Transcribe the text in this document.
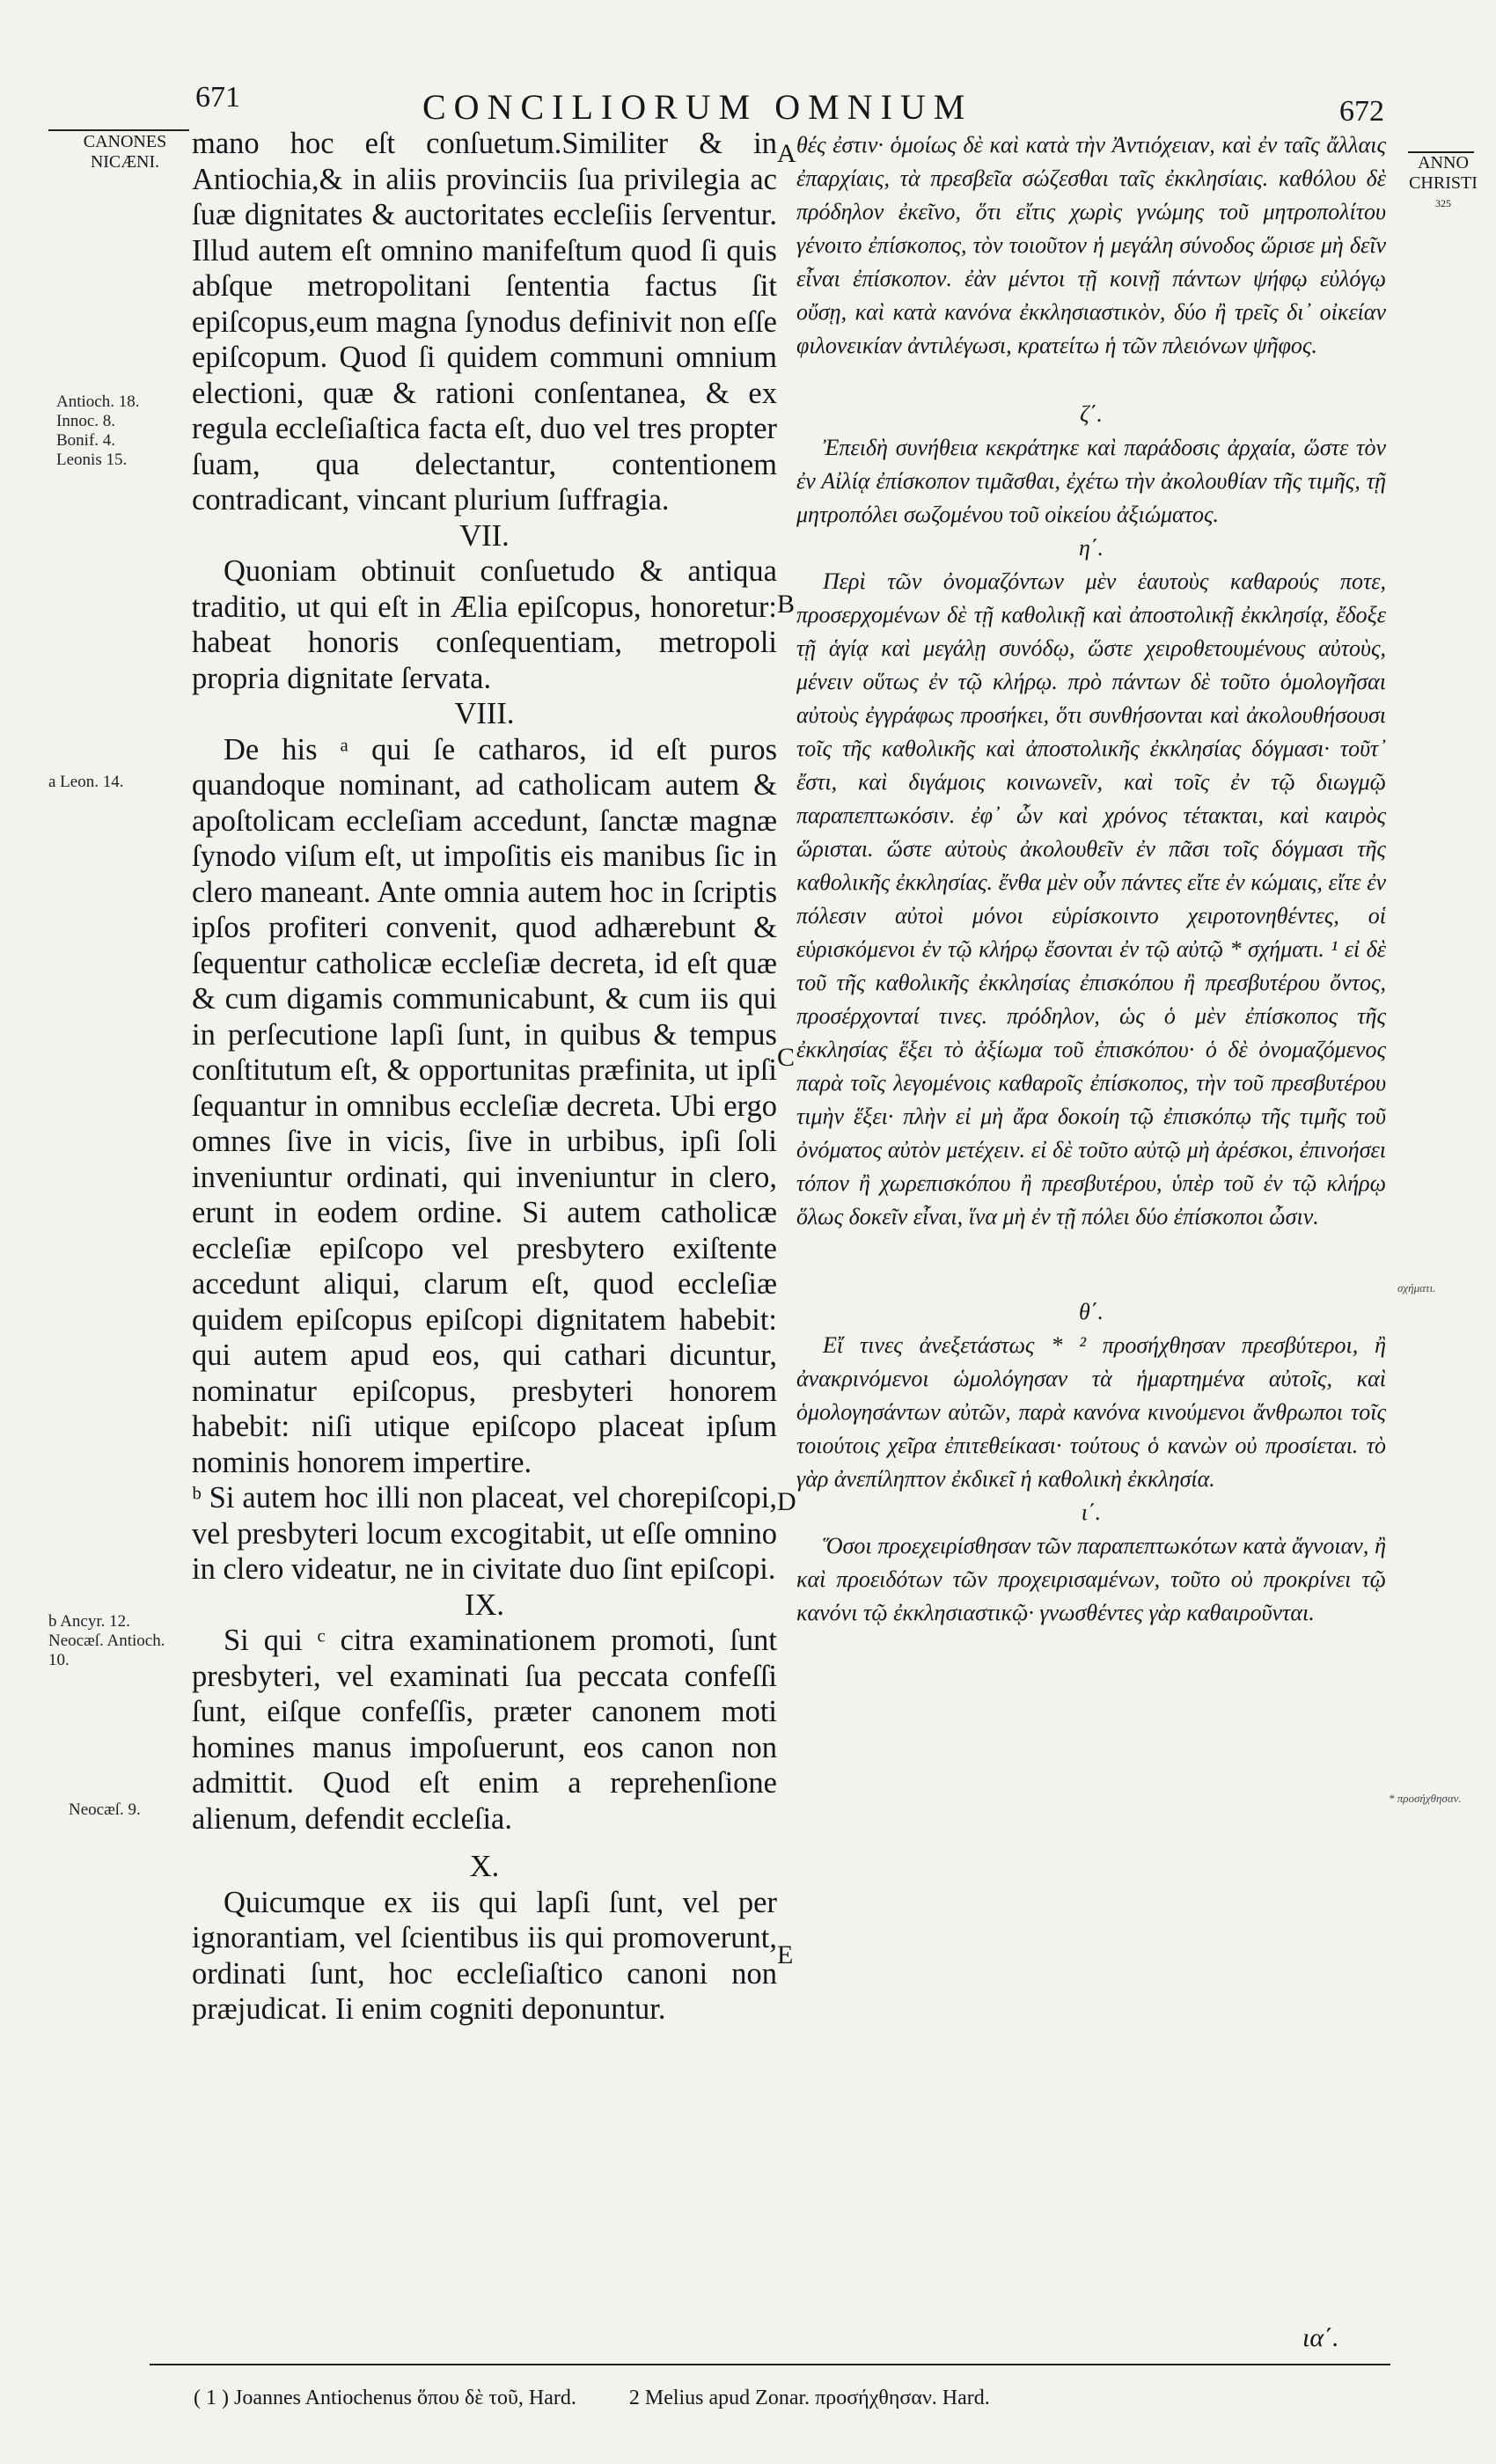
671	CONCILIORUM OMNIUM	672
CANONES
NICÆNI.	ANNO
CHRISTI
325
A
B
C
D
E
Antioch. 18.
Innoc. 8.
Bonif. 4.
Leonis 15.
a Leon. 14.
b Ancyr. 12.
Neocæſ. Antioch. 10.
Neocæſ. 9.
σχήματι.
* προσήχθησαν.

mano hoc eſt conſuetum.Similiter & in Antiochia,& in aliis provinciis ſua privilegia ac ſuæ dignitates & auctoritates eccleſiis ſerventur. Illud autem eſt omnino manifeſtum quod ſi quis abſque metropolitani ſententia factus ſit epiſcopus,eum magna ſynodus definivit non eſſe epiſcopum. Quod ſi quidem communi omnium electioni, quæ & rationi conſentanea, & ex regula eccleſiaſtica facta eſt, duo vel tres propter ſuam, qua delectantur, contentionem contradicant, vincant plurium ſuffragia.

VII.

Quoniam obtinuit conſuetudo & antiqua traditio, ut qui eſt in Ælia epiſcopus, honoretur: habeat honoris conſequentiam, metropoli propria dignitate ſervata.

VIII.

De his ᵃ qui ſe catharos, id eſt puros quandoque nominant, ad catholicam autem & apoſtolicam eccleſiam accedunt, ſanctæ magnæ ſynodo viſum eſt, ut impoſitis eis manibus ſic in clero maneant. Ante omnia autem hoc in ſcriptis ipſos profiteri convenit, quod adhærebunt & ſequentur catholicæ eccleſiæ decreta, id eſt quæ & cum digamis communicabunt, & cum iis qui in perſecutione lapſi ſunt, in quibus & tempus conſtitutum eſt, & opportunitas præfinita, ut ipſi ſequantur in omnibus eccleſiæ decreta. Ubi ergo omnes ſive in vicis, ſive in urbibus, ipſi ſoli inveniuntur ordinati, qui inveniuntur in clero, erunt in eodem ordine. Si autem catholicæ eccleſiæ epiſcopo vel presbytero exiſtente accedunt aliqui, clarum eſt, quod eccleſiæ quidem epiſcopus epiſcopi dignitatem habebit: qui autem apud eos, qui cathari dicuntur, nominatur epiſcopus, presbyteri honorem habebit: niſi utique epiſcopo placeat ipſum nominis honorem impertire.

ᵇ Si autem hoc illi non placeat, vel chorepiſcopi, vel presbyteri locum excogitabit, ut eſſe omnino in clero videatur, ne in civitate duo ſint epiſcopi.

IX.

Si qui ᶜ citra examinationem promoti, ſunt presbyteri, vel examinati ſua peccata confeſſi ſunt, eiſque confeſſis, præter canonem moti homines manus impoſuerunt, eos canon non admittit. Quod eſt enim a reprehenſione alienum, defendit eccleſia.

X.

Quicumque ex iis qui lapſi ſunt, vel per ignorantiam, vel ſcientibus iis qui promoverunt, ordinati ſunt, hoc eccleſiaſtico canoni non præjudicat. Ii enim cogniti deponuntur.

θές ἐστιν· ὁμοίως δὲ καὶ κατὰ τὴν Ἀντιόχειαν, καὶ ἐν ταῖς ἄλλαις ἐπαρχίαις, τὰ πρεσβεῖα σώζεσθαι ταῖς ἐκκλησίαις. καθόλου δὲ πρόδηλον ἐκεῖνο, ὅτι εἴτις χωρὶς γνώμης τοῦ μητροπολίτου γένοιτο ἐπίσκοπος, τὸν τοιοῦτον ἡ μεγάλη σύνοδος ὥρισε μὴ δεῖν εἶναι ἐπίσκοπον. ἐὰν μέντοι τῇ κοινῇ πάντων ψήφῳ εὐλόγῳ οὔσῃ, καὶ κατὰ κανόνα ἐκκλησιαστικὸν, δύο ἢ τρεῖς δι᾽ οἰκείαν φιλονεικίαν ἀντιλέγωσι, κρατείτω ἡ τῶν πλειόνων ψῆφος.

ζ΄.

Ἐπειδὴ συνήθεια κεκράτηκε καὶ παράδοσις ἀρχαία, ὥστε τὸν ἐν Αἰλίᾳ ἐπίσκοπον τιμᾶσθαι, ἐχέτω τὴν ἀκολουθίαν τῆς τιμῆς, τῇ μητροπόλει σωζομένου τοῦ οἰκείου ἀξιώματος.

η΄.

Περὶ τῶν ὀνομαζόντων μὲν ἑαυτοὺς καθαρούς ποτε, προσερχομένων δὲ τῇ καθολικῇ καὶ ἀποστολικῇ ἐκκλησίᾳ, ἔδοξε τῇ ἁγίᾳ καὶ μεγάλῃ συνόδῳ, ὥστε χειροθετουμένους αὐτοὺς, μένειν οὕτως ἐν τῷ κλήρῳ. πρὸ πάντων δὲ τοῦτο ὁμολογῆσαι αὐτοὺς ἐγγράφως προσήκει, ὅτι συνθήσονται καὶ ἀκολουθήσουσι τοῖς τῆς καθολικῆς καὶ ἀποστολικῆς ἐκκλησίας δόγμασι· τοῦτ᾽ ἔστι, καὶ διγάμοις κοινωνεῖν, καὶ τοῖς ἐν τῷ διωγμῷ παραπεπτωκόσιν. ἐφ᾽ ὧν καὶ χρόνος τέτακται, καὶ καιρὸς ὥρισται. ὥστε αὐτοὺς ἀκολουθεῖν ἐν πᾶσι τοῖς δόγμασι τῆς καθολικῆς ἐκκλησίας. ἔνθα μὲν οὖν πάντες εἴτε ἐν κώμαις, εἴτε ἐν πόλεσιν αὐτοὶ μόνοι εὑρίσκοιντο χειροτονηθέντες, οἱ εὑρισκόμενοι ἐν τῷ κλήρῳ ἔσονται ἐν τῷ αὐτῷ * σχήματι. ¹ εἰ δὲ τοῦ τῆς καθολικῆς ἐκκλησίας ἐπισκόπου ἢ πρεσβυτέρου ὄντος, προσέρχονταί τινες. πρόδηλον, ὡς ὁ μὲν ἐπίσκοπος τῆς ἐκκλησίας ἕξει τὸ ἀξίωμα τοῦ ἐπισκόπου· ὁ δὲ ὀνομαζόμενος παρὰ τοῖς λεγομένοις καθαροῖς ἐπίσκοπος, τὴν τοῦ πρεσβυτέρου τιμὴν ἕξει· πλὴν εἰ μὴ ἄρα δοκοίη τῷ ἐπισκόπῳ τῆς τιμῆς τοῦ ὀνόματος αὐτὸν μετέχειν. εἰ δὲ τοῦτο αὐτῷ μὴ ἀρέσκοι, ἐπινοήσει τόπον ἢ χωρεπισκόπου ἢ πρεσβυτέρου, ὑπὲρ τοῦ ἐν τῷ κλήρῳ ὅλως δοκεῖν εἶναι, ἵνα μὴ ἐν τῇ πόλει δύο ἐπίσκοποι ὦσιν.

θ΄.

Εἴ τινες ἀνεξετάστως * ² προσήχθησαν πρεσβύτεροι, ἢ ἀνακρινόμενοι ὡμολόγησαν τὰ ἡμαρτημένα αὐτοῖς, καὶ ὁμολογησάντων αὐτῶν, παρὰ κανόνα κινούμενοι ἄνθρωποι τοῖς τοιούτοις χεῖρα ἐπιτεθείκασι· τούτους ὁ κανὼν οὐ προσίεται. τὸ γὰρ ἀνεπίληπτον ἐκδικεῖ ἡ καθολικὴ ἐκκλησία.

ι΄.

Ὅσοι προεχειρίσθησαν τῶν παραπεπτωκότων κατὰ ἄγνοιαν, ἢ καὶ προειδότων τῶν προχειρισαμένων, τοῦτο οὐ προκρίνει τῷ κανόνι τῷ ἐκκλησιαστικῷ· γνωσθέντες γὰρ καθαιροῦνται.

ια΄.
( 1 ) Joannes Antiochenus ὅπου δὲ τοῦ, Hard.          2 Melius apud Zonar. προσήχθησαν. Hard.
